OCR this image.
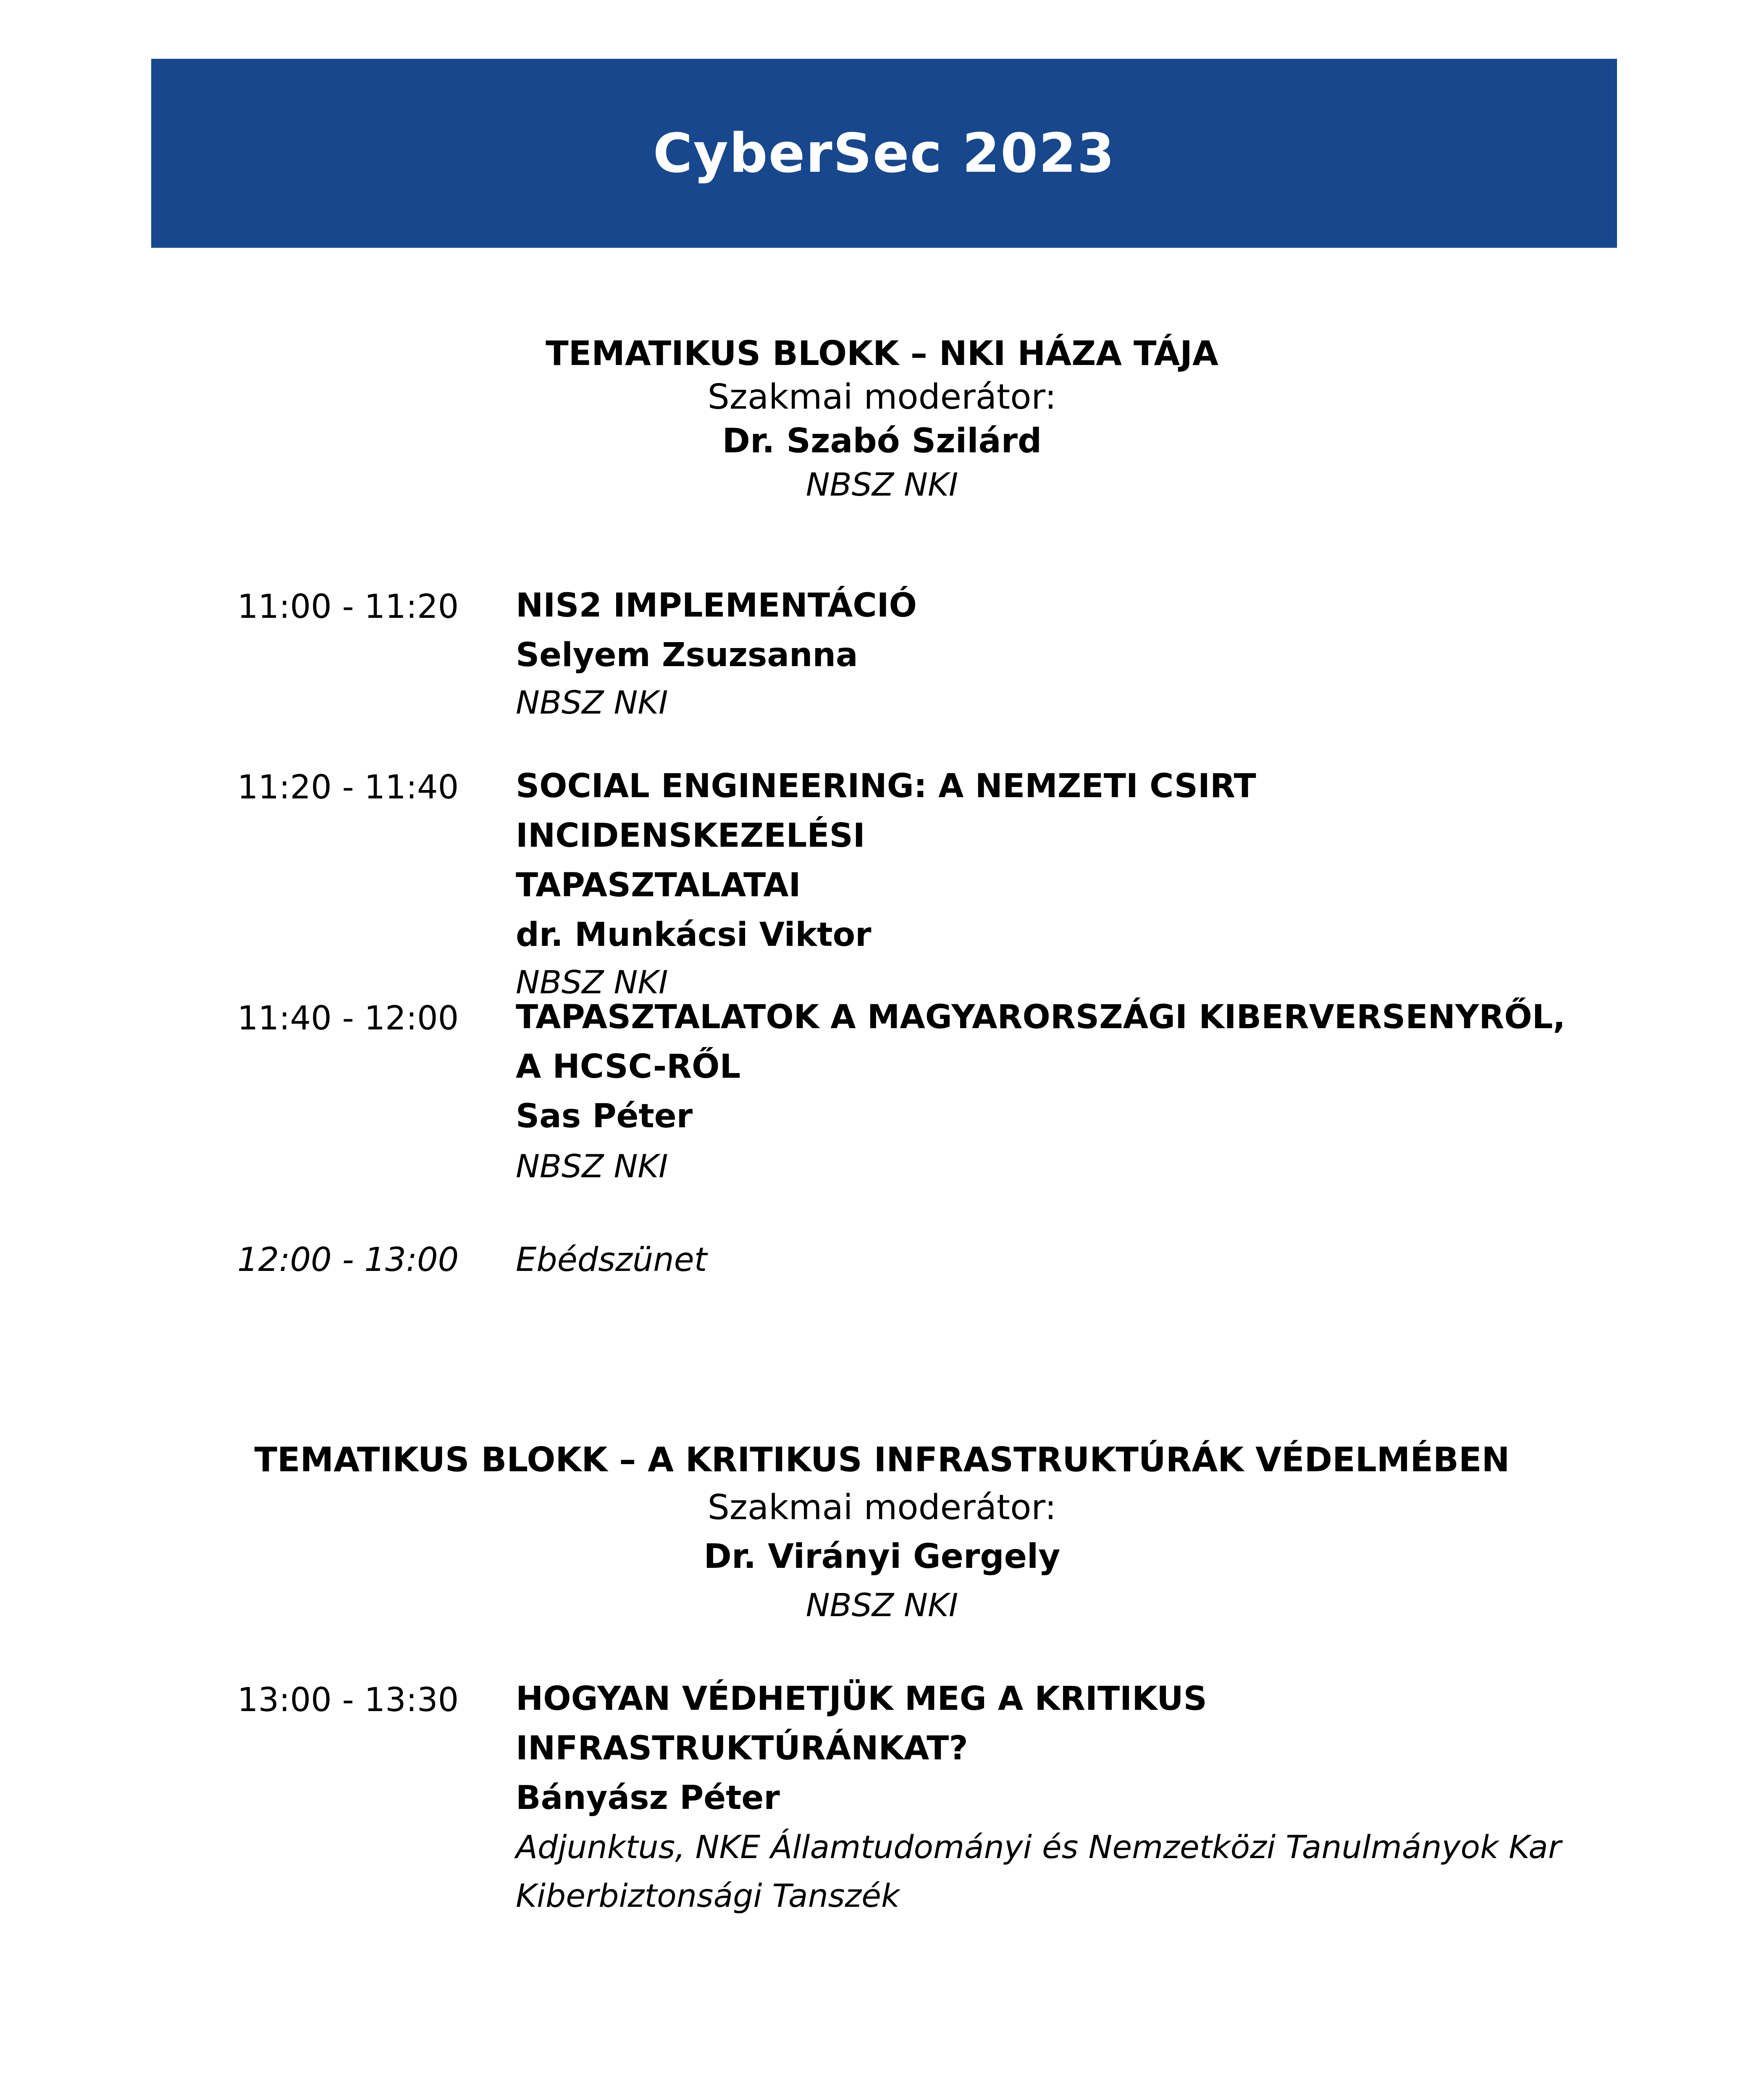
CyberSec 2023
TEMATIKUS BLOKK – NKI HÁZA TÁJA
Szakmai moderátor:
Dr. Szabó Szilárd
NBSZ NKI
11:00 - 11:20 NIS2 IMPLEMENTÁCIÓ
Selyem Zsuzsanna
NBSZ NKI
11:20 - 11:40 SOCIAL ENGINEERING: A NEMZETI CSIRT INCIDENSKEZELÉSI
TAPASZTALATAI
dr. Munkácsi Viktor
NBSZ NKI
11:40 - 12:00 TAPASZTALATOK A MAGYARORSZÁGI KIBERVERSENYRŐL,
A HCSC-RŐL
Sas Péter
NBSZ NKI
12:00 - 13:00 Ebédszünet
TEMATIKUS BLOKK – A KRITIKUS INFRASTRUKTÚRÁK VÉDELMÉBEN
Szakmai moderátor:
Dr. Virányi Gergely
NBSZ NKI
13:00 - 13:30 HOGYAN VÉDHETJÜK MEG A KRITIKUS INFRASTRUKTÚRÁNKAT?
Bányász Péter
Adjunktus, NKE Államtudományi és Nemzetközi Tanulmányok Kar
Kiberbiztonsági Tanszék
